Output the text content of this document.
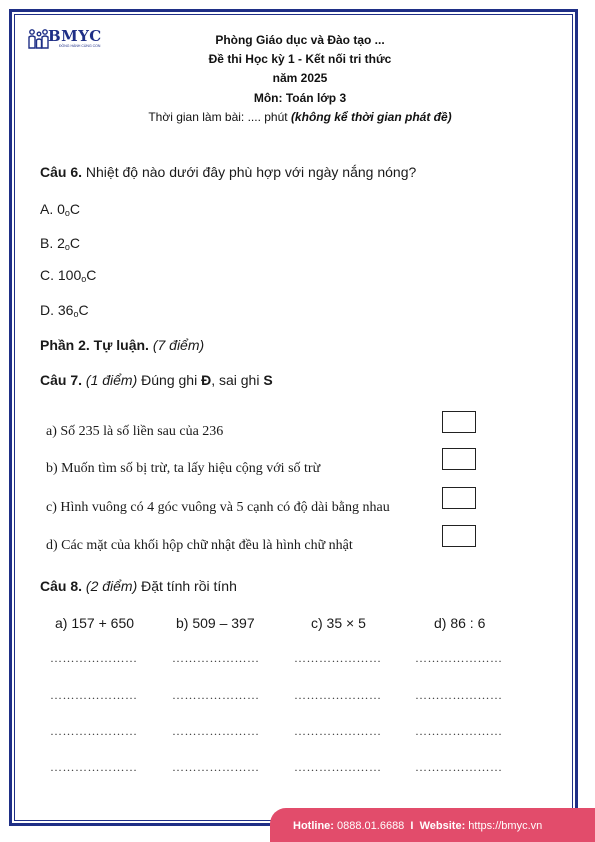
BMYC
ĐỒNG HÀNH CÙNG CON	Phòng Giáo dục và Đào tạo ...
Đề thi Học kỳ 1 - Kết nối tri thức
năm 2025
Môn: Toán lớp 3
Thời gian làm bài: .... phút (không kể thời gian phát đề)
Câu 6. Nhiệt độ nào dưới đây phù hợp với ngày nắng nóng?
A. $0_oC$
B. $2_oC$
C. $100_oC$
D. $36_oC$
Phần 2. Tự luận. (7 điểm)
Câu 7. (1 điểm) Đúng ghi Đ, sai ghi S
a) Số 235 là số liền sau của 236
b) Muốn tìm số bị trừ, ta lấy hiệu cộng với số trừ
c) Hình vuông có 4 góc vuông và 5 cạnh có độ dài bằng nhau
d) Các mặt của khối hộp chữ nhật đều là hình chữ nhật
Câu 8. (2 điểm) Đặt tính rồi tính
a) 157 + 650	b) 509 – 397	c) 35 × 5	d) 86 : 6
…………………	…………………	…………………	…………………
…………………	…………………	…………………	…………………
…………………	…………………	…………………	…………………
…………………	…………………	…………………	…………………
Hotline: 0888.01.6688  I  Website: https://bmyc.vn
